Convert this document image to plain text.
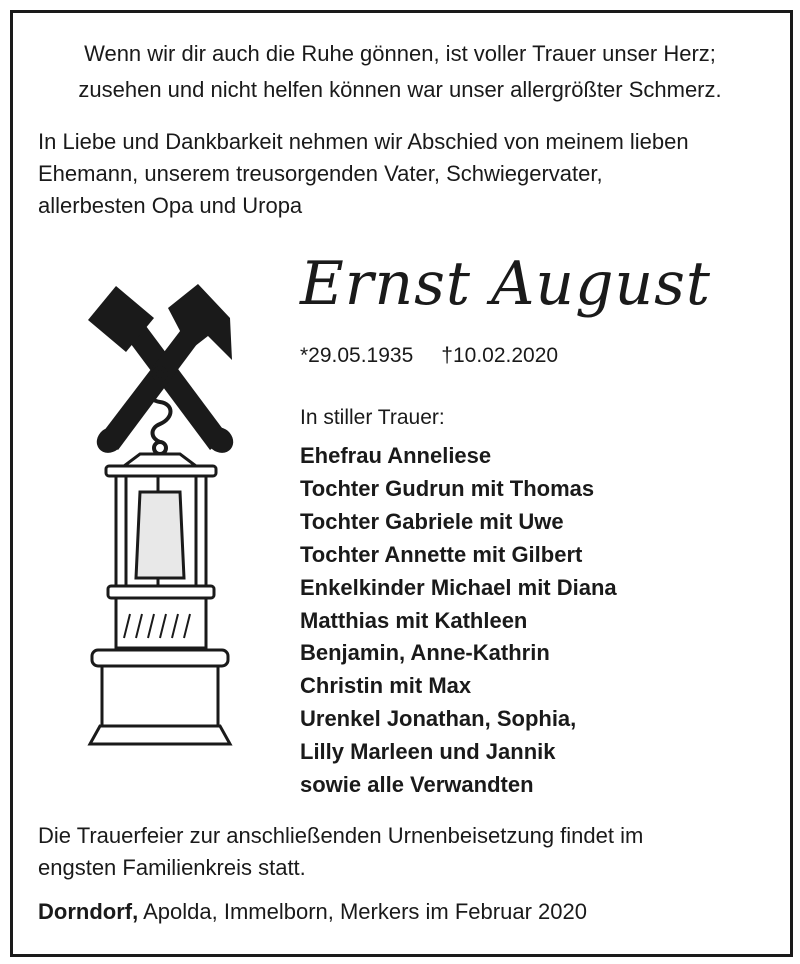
Wenn wir dir auch die Ruhe gönnen, ist voller Trauer unser Herz;
zusehen und nicht helfen können war unser allergrößter Schmerz.
In Liebe und Dankbarkeit nehmen wir Abschied von meinem lieben
Ehemann, unserem treusorgenden Vater, Schwiegervater,
allerbesten Opa und Uropa
Ernst August
*29.05.1935 †10.02.2020
In stiller Trauer:
Ehefrau Anneliese
Tochter Gudrun mit Thomas
Tochter Gabriele mit Uwe
Tochter Annette mit Gilbert
Enkelkinder Michael mit Diana
Matthias mit Kathleen
Benjamin, Anne-Kathrin
Christin mit Max
Urenkel Jonathan, Sophia,
Lilly Marleen und Jannik
sowie alle Verwandten
Die Trauerfeier zur anschließenden Urnenbeisetzung findet im
engsten Familienkreis statt.
Dorndorf, Apolda, Immelborn, Merkers im Februar 2020
